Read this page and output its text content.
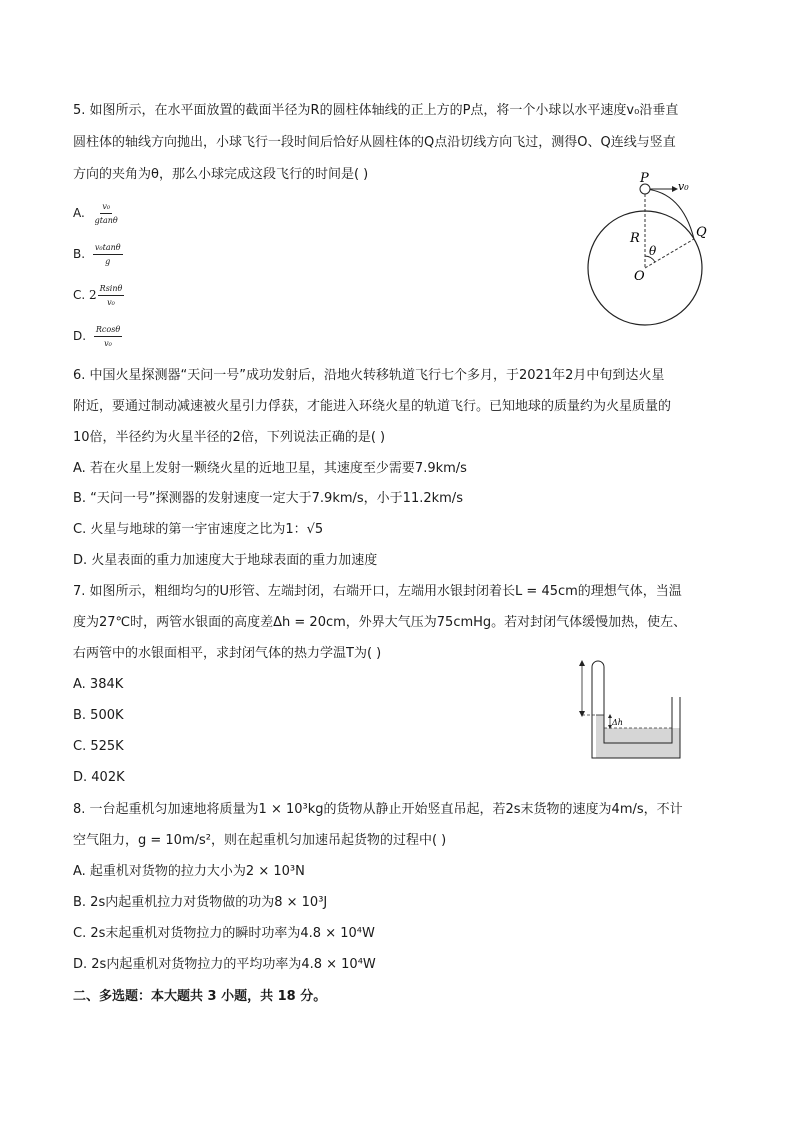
5. 如图所示，在水平面放置的截面半径为R的圆柱体轴线的正上方的P点，将一个小球以水平速度v₀沿垂直
圆柱体的轴线方向抛出，小球飞行一段时间后恰好从圆柱体的Q点沿切线方向飞过，测得O、Q连线与竖直
方向的夹角为θ，那么小球完成这段飞行的时间是( )
A. $\frac{\text{v₀}}{gtan\theta}$
B. $\frac{\text{v₀tanθ}}{g}$
C. $2 \frac{Rsin\theta}{\text{v₀}}$
D. $\frac{Rcos\theta}{\text{v₀}}$
P
v₀
R	Q
θ
O
6. 中国火星探测器“天问一号”成功发射后，沿地火转移轨道飞行七个多月，于2021年2月中旬到达火星
附近，要通过制动减速被火星引力俘获，才能进入环绕火星的轨道飞行。已知地球的质量约为火星质量的
10倍，半径约为火星半径的2倍，下列说法正确的是( )
A. 若在火星上发射一颗绕火星的近地卫星，其速度至少需要7.9km/s
B. “天问一号”探测器的发射速度一定大于7.9km/s，小于11.2km/s
C. 火星与地球的第一宇宙速度之比为1：√5
D. 火星表面的重力加速度大于地球表面的重力加速度
7. 如图所示，粗细均匀的U形管、左端封闭，右端开口，左端用水银封闭着长L = 45cm的理想气体，当温
度为27℃时，两管水银面的高度差Δh = 20cm，外界大气压为75cmHg。若对封闭气体缓慢加热，使左、
右两管中的水银面相平，求封闭气体的热力学温T为( )
A. 384K
B. 500K
C. 525K
D. 402K
Δh
8. 一台起重机匀加速地将质量为1 × 10³kg的货物从静止开始竖直吊起，若2s末货物的速度为4m/s，不计
空气阻力，g = 10m/s²，则在起重机匀加速吊起货物的过程中( )
A. 起重机对货物的拉力大小为2 × 10³N
B. 2s内起重机拉力对货物做的功为8 × 10³J
C. 2s末起重机对货物拉力的瞬时功率为4.8 × 10⁴W
D. 2s内起重机对货物拉力的平均功率为4.8 × 10⁴W
二、多选题：本大题共 3 小题，共 18 分。
